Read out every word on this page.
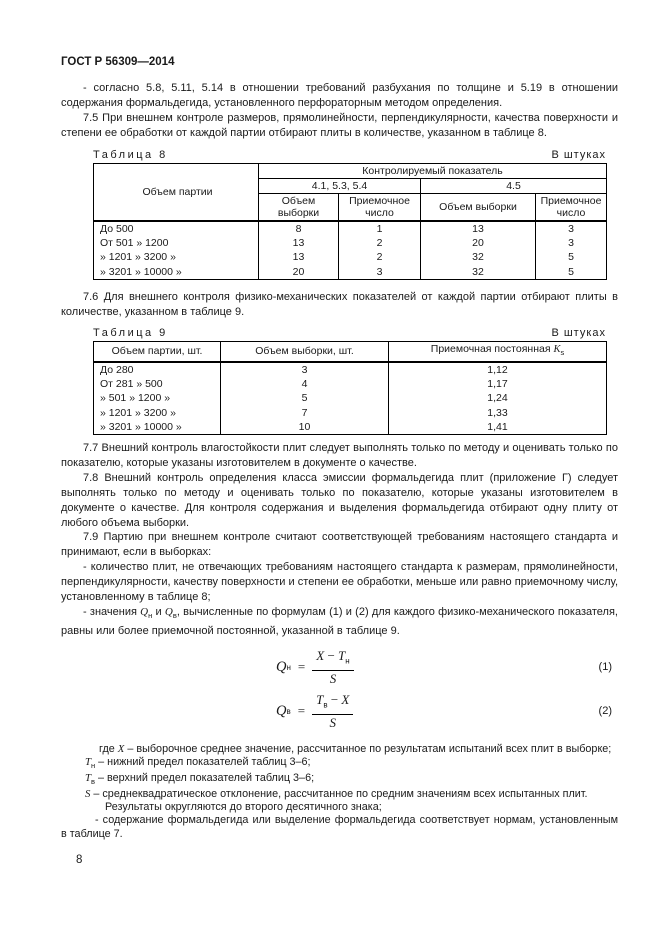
ГОСТ Р 56309—2014

- согласно 5.8, 5.11, 5.14 в отношении требований разбухания по толщине и 5.19 в отношении содержания формальдегида, установленного перфораторным методом определения.

7.5 При внешнем контроле размеров, прямолинейности, перпендикулярности, качества поверхности и степени ее обработки от каждой партии отбирают плиты в количестве, указанном в таблице 8.

Таблица 8	В штуках
Объем партии	Контролируемый показатель			
	4.1, 5.3, 5.4		4.5	
	Объем выборки	Приемочное число	Объем выборки	Приемочное число
До 500	8	1	13	3
От 501 » 1200	13	2	20	3
» 1201 » 3200 »	13	2	32	5
» 3201 » 10000 »	20	3	32	5

7.6 Для внешнего контроля физико-механических показателей от каждой партии отбирают плиты в количестве, указанном в таблице 9.

Таблица 9	В штуках
Объем партии, шт.	Объем выборки, шт.	Приемочная постоянная $K_s$
До 280	3	1,12
От 281 » 500	4	1,17
» 501 » 1200 »	5	1,24
» 1201 » 3200 »	7	1,33
» 3201 » 10000 »	10	1,41

7.7 Внешний контроль влагостойкости плит следует выполнять только по методу и оценивать только по показателю, которые указаны изготовителем в документе о качестве.

7.8 Внешний контроль определения класса эмиссии формальдегида плит (приложение Г) следует выполнять только по методу и оценивать только по показателю, которые указаны изготовителем в документе о качестве. Для контроля содержания и выделения формальдегида отбирают одну плиту от любого объема выборки.

7.9 Партию при внешнем контроле считают соответствующей требованиям настоящего стандарта и принимают, если в выборках:

- количество плит, не отвечающих требованиям настоящего стандарта к размерам, прямолинейности, перпендикулярности, качеству поверхности и степени ее обработки, меньше или равно приемочному числу, установленному в таблице 8;

- значения $Q_н$ и $Q_в$, вычисленные по формулам (1) и (2) для каждого физико-механического показателя, равны или более приемочной постоянной, указанной в таблице 9.

Q $н = \frac{X - T_н}{S}$	(1)
Q $в = \frac{T_в - X}{S}$	(2)
где X – выборочное среднее значение, рассчитанное по результатам испытаний всех плит в выборке;
$T_н$ – нижний предел показателей таблиц 3–6;
$T_в$ – верхний предел показателей таблиц 3–6;
S – среднеквадратическое отклонение, рассчитанное по средним значениям всех испытанных плит.
Результаты округляются до второго десятичного знака;
- содержание формальдегида или выделение формальдегида соответствует нормам, установленным в таблице 7.
8
